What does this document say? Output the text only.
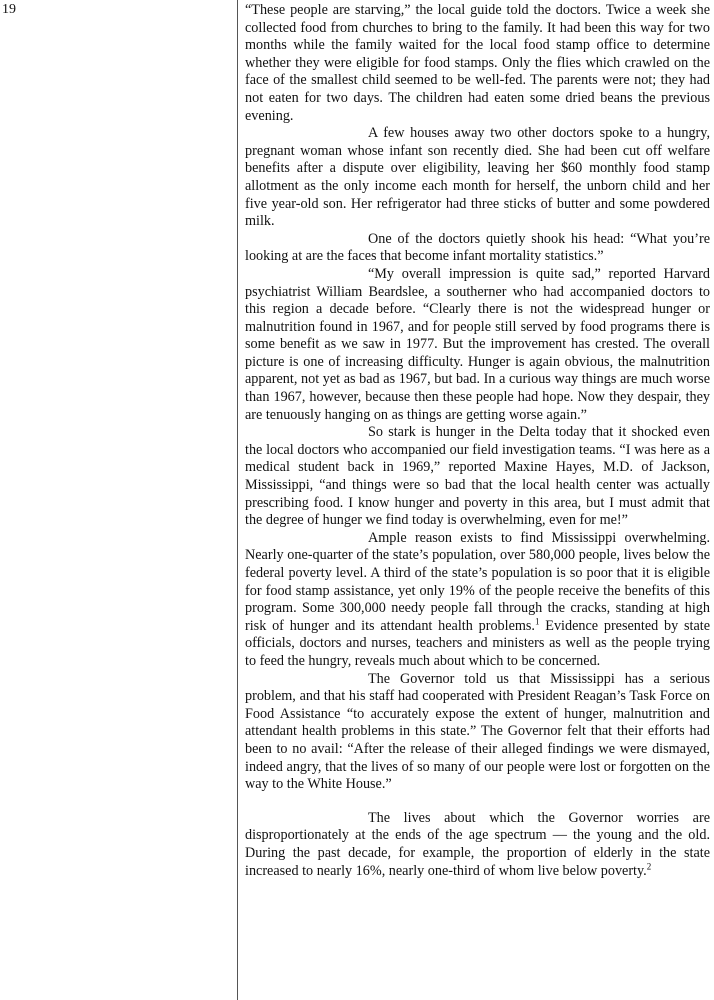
19	“These people are starving,” the local guide told the doctors. Twice a week she collected food from churches to bring to the family. It had been this way for two months while the family waited for the local food stamp office to determine whether they were eligible for food stamps. Only the flies which crawled on the face of the smallest child seemed to be well-fed. The parents were not; they had not eaten for two days. The children had eaten some dried beans the previous evening.

A few houses away two other doctors spoke to a hungry, pregnant woman whose infant son recently died. She had been cut off welfare benefits after a dispute over eligibility, leaving her $60 monthly food stamp allotment as the only income each month for herself, the unborn child and her five year-old son. Her refrigerator had three sticks of butter and some powdered milk.

One of the doctors quietly shook his head: “What you’re looking at are the faces that become infant mortality statistics.”

“My overall impression is quite sad,” reported Harvard psychiatrist William Beardslee, a southerner who had accompanied doctors to this region a decade before. “Clearly there is not the widespread hunger or malnutrition found in 1967, and for people still served by food programs there is some benefit as we saw in 1977. But the improvement has crested. The overall picture is one of increasing difficulty. Hunger is again obvious, the malnutrition apparent, not yet as bad as 1967, but bad. In a curious way things are much worse than 1967, however, because then these people had hope. Now they despair, they are tenuously hanging on as things are getting worse again.”

So stark is hunger in the Delta today that it shocked even the local doctors who accompanied our field investigation teams. “I was here as a medical student back in 1969,” reported Maxine Hayes, M.D. of Jackson, Mississippi, “and things were so bad that the local health center was actually prescribing food. I know hunger and poverty in this area, but I must admit that the degree of hunger we find today is overwhelming, even for me!”

Ample reason exists to find Mississippi overwhelming. Nearly one-quarter of the state’s population, over 580,000 people, lives below the federal poverty level. A third of the state’s population is so poor that it is eligible for food stamp assistance, yet only 19% of the people receive the benefits of this program. Some 300,000 needy people fall through the cracks, standing at high risk of hunger and its attendant health problems.$^1$ Evidence presented by state officials, doctors and nurses, teachers and ministers as well as the people trying to feed the hungry, reveals much about which to be concerned.

The Governor told us that Mississippi has a serious problem, and that his staff had cooperated with President Reagan’s Task Force on Food Assistance “to accurately expose the extent of hunger, malnutrition and attendant health problems in this state.” The Governor felt that their efforts had been to no avail: “After the release of their alleged findings we were dismayed, indeed angry, that the lives of so many of our people were lost or forgotten on the way to the White House.”

The lives about which the Governor worries are disproportionately at the ends of the age spectrum — the young and the old. During the past decade, for example, the proportion of elderly in the state increased to nearly 16%, nearly one-third of whom live below poverty.$^2$
